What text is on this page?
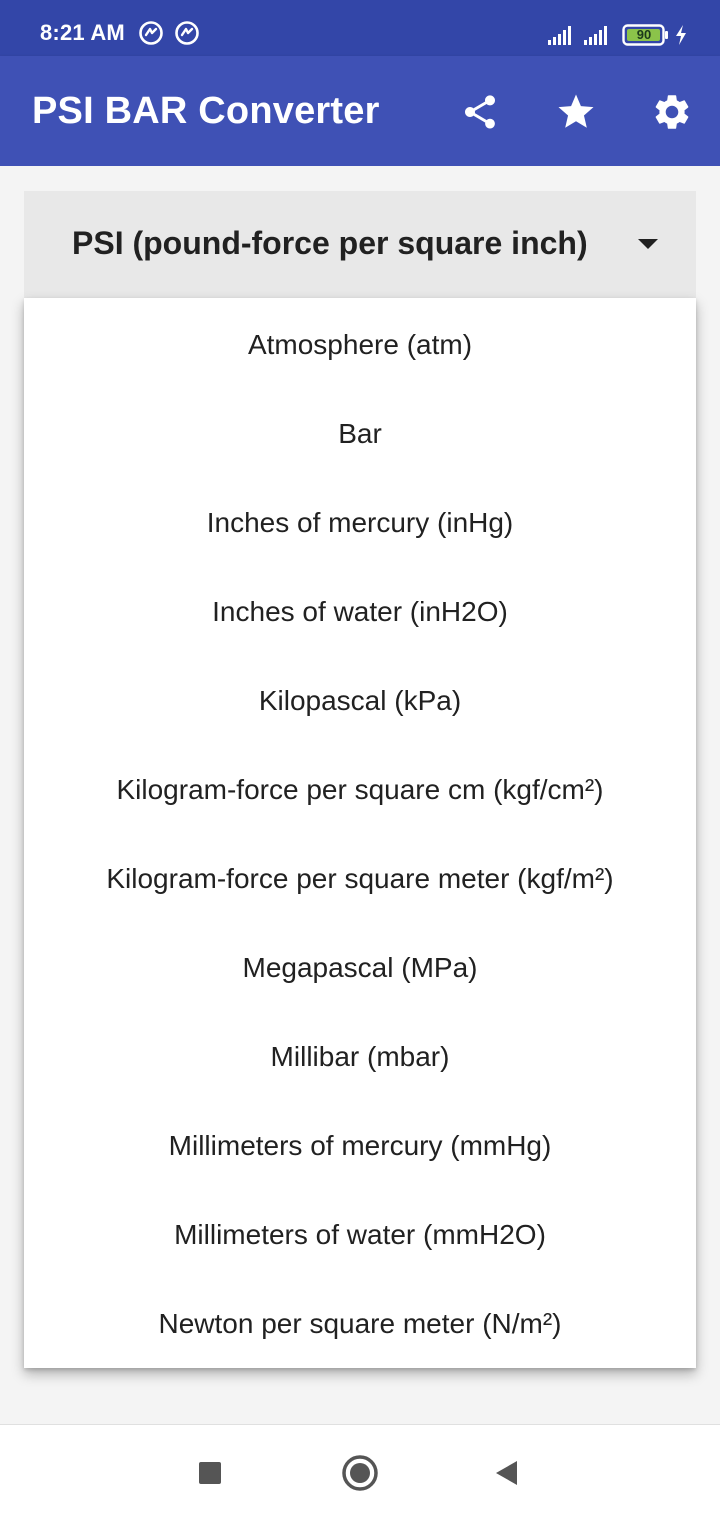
8:21 AM	90
PSI BAR Converter
PSI (pound-force per square inch)
Atmosphere (atm)
Bar
Inches of mercury (inHg)
Inches of water (inH2O)
Kilopascal (kPa)
Kilogram-force per square cm (kgf/cm²)
Kilogram-force per square meter (kgf/m²)
Megapascal (MPa)
Millibar (mbar)
Millimeters of mercury (mmHg)
Millimeters of water (mmH2O)
Newton per square meter (N/m²)
